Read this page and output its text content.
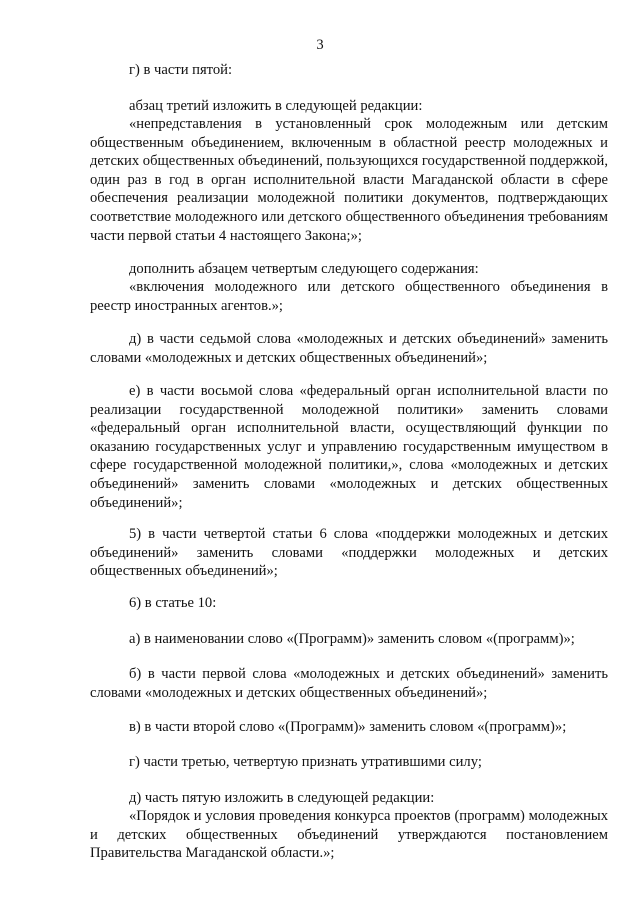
3

г) в части пятой:

абзац третий изложить в следующей редакции:

«непредставления в установленный срок молодежным или детским общественным объединением, включенным в областной реестр молодежных и детских общественных объединений, пользующихся государственной поддержкой, один раз в год в орган исполнительной власти Магаданской области в сфере обеспечения реализации молодежной политики документов, подтверждающих соответствие молодежного или детского общественного объединения требованиям части первой статьи 4 настоящего Закона;»;

дополнить абзацем четвертым следующего содержания:

«включения молодежного или детского общественного объединения в реестр иностранных агентов.»;

д) в части седьмой слова «молодежных и детских объединений» заменить словами «молодежных и детских общественных объединений»;

е) в части восьмой слова «федеральный орган исполнительной власти по реализации государственной молодежной политики» заменить словами «федеральный орган исполнительной власти, осуществляющий функции по оказанию государственных услуг и управлению государственным имуществом в сфере государственной молодежной политики,», слова «молодежных и детских объединений» заменить словами «молодежных и детских общественных объединений»;

5) в части четвертой статьи 6 слова «поддержки молодежных и детских объединений» заменить словами «поддержки молодежных и детских общественных объединений»;

6) в статье 10:

а) в наименовании слово «(Программ)» заменить словом «(программ)»;

б) в части первой слова «молодежных и детских объединений» заменить словами «молодежных и детских общественных объединений»;

в) в части второй слово «(Программ)» заменить словом «(программ)»;

г) части третью, четвертую признать утратившими силу;

д) часть пятую изложить в следующей редакции:

«Порядок и условия проведения конкурса проектов (программ) молодежных и детских общественных объединений утверждаются постановлением Правительства Магаданской области.»;
